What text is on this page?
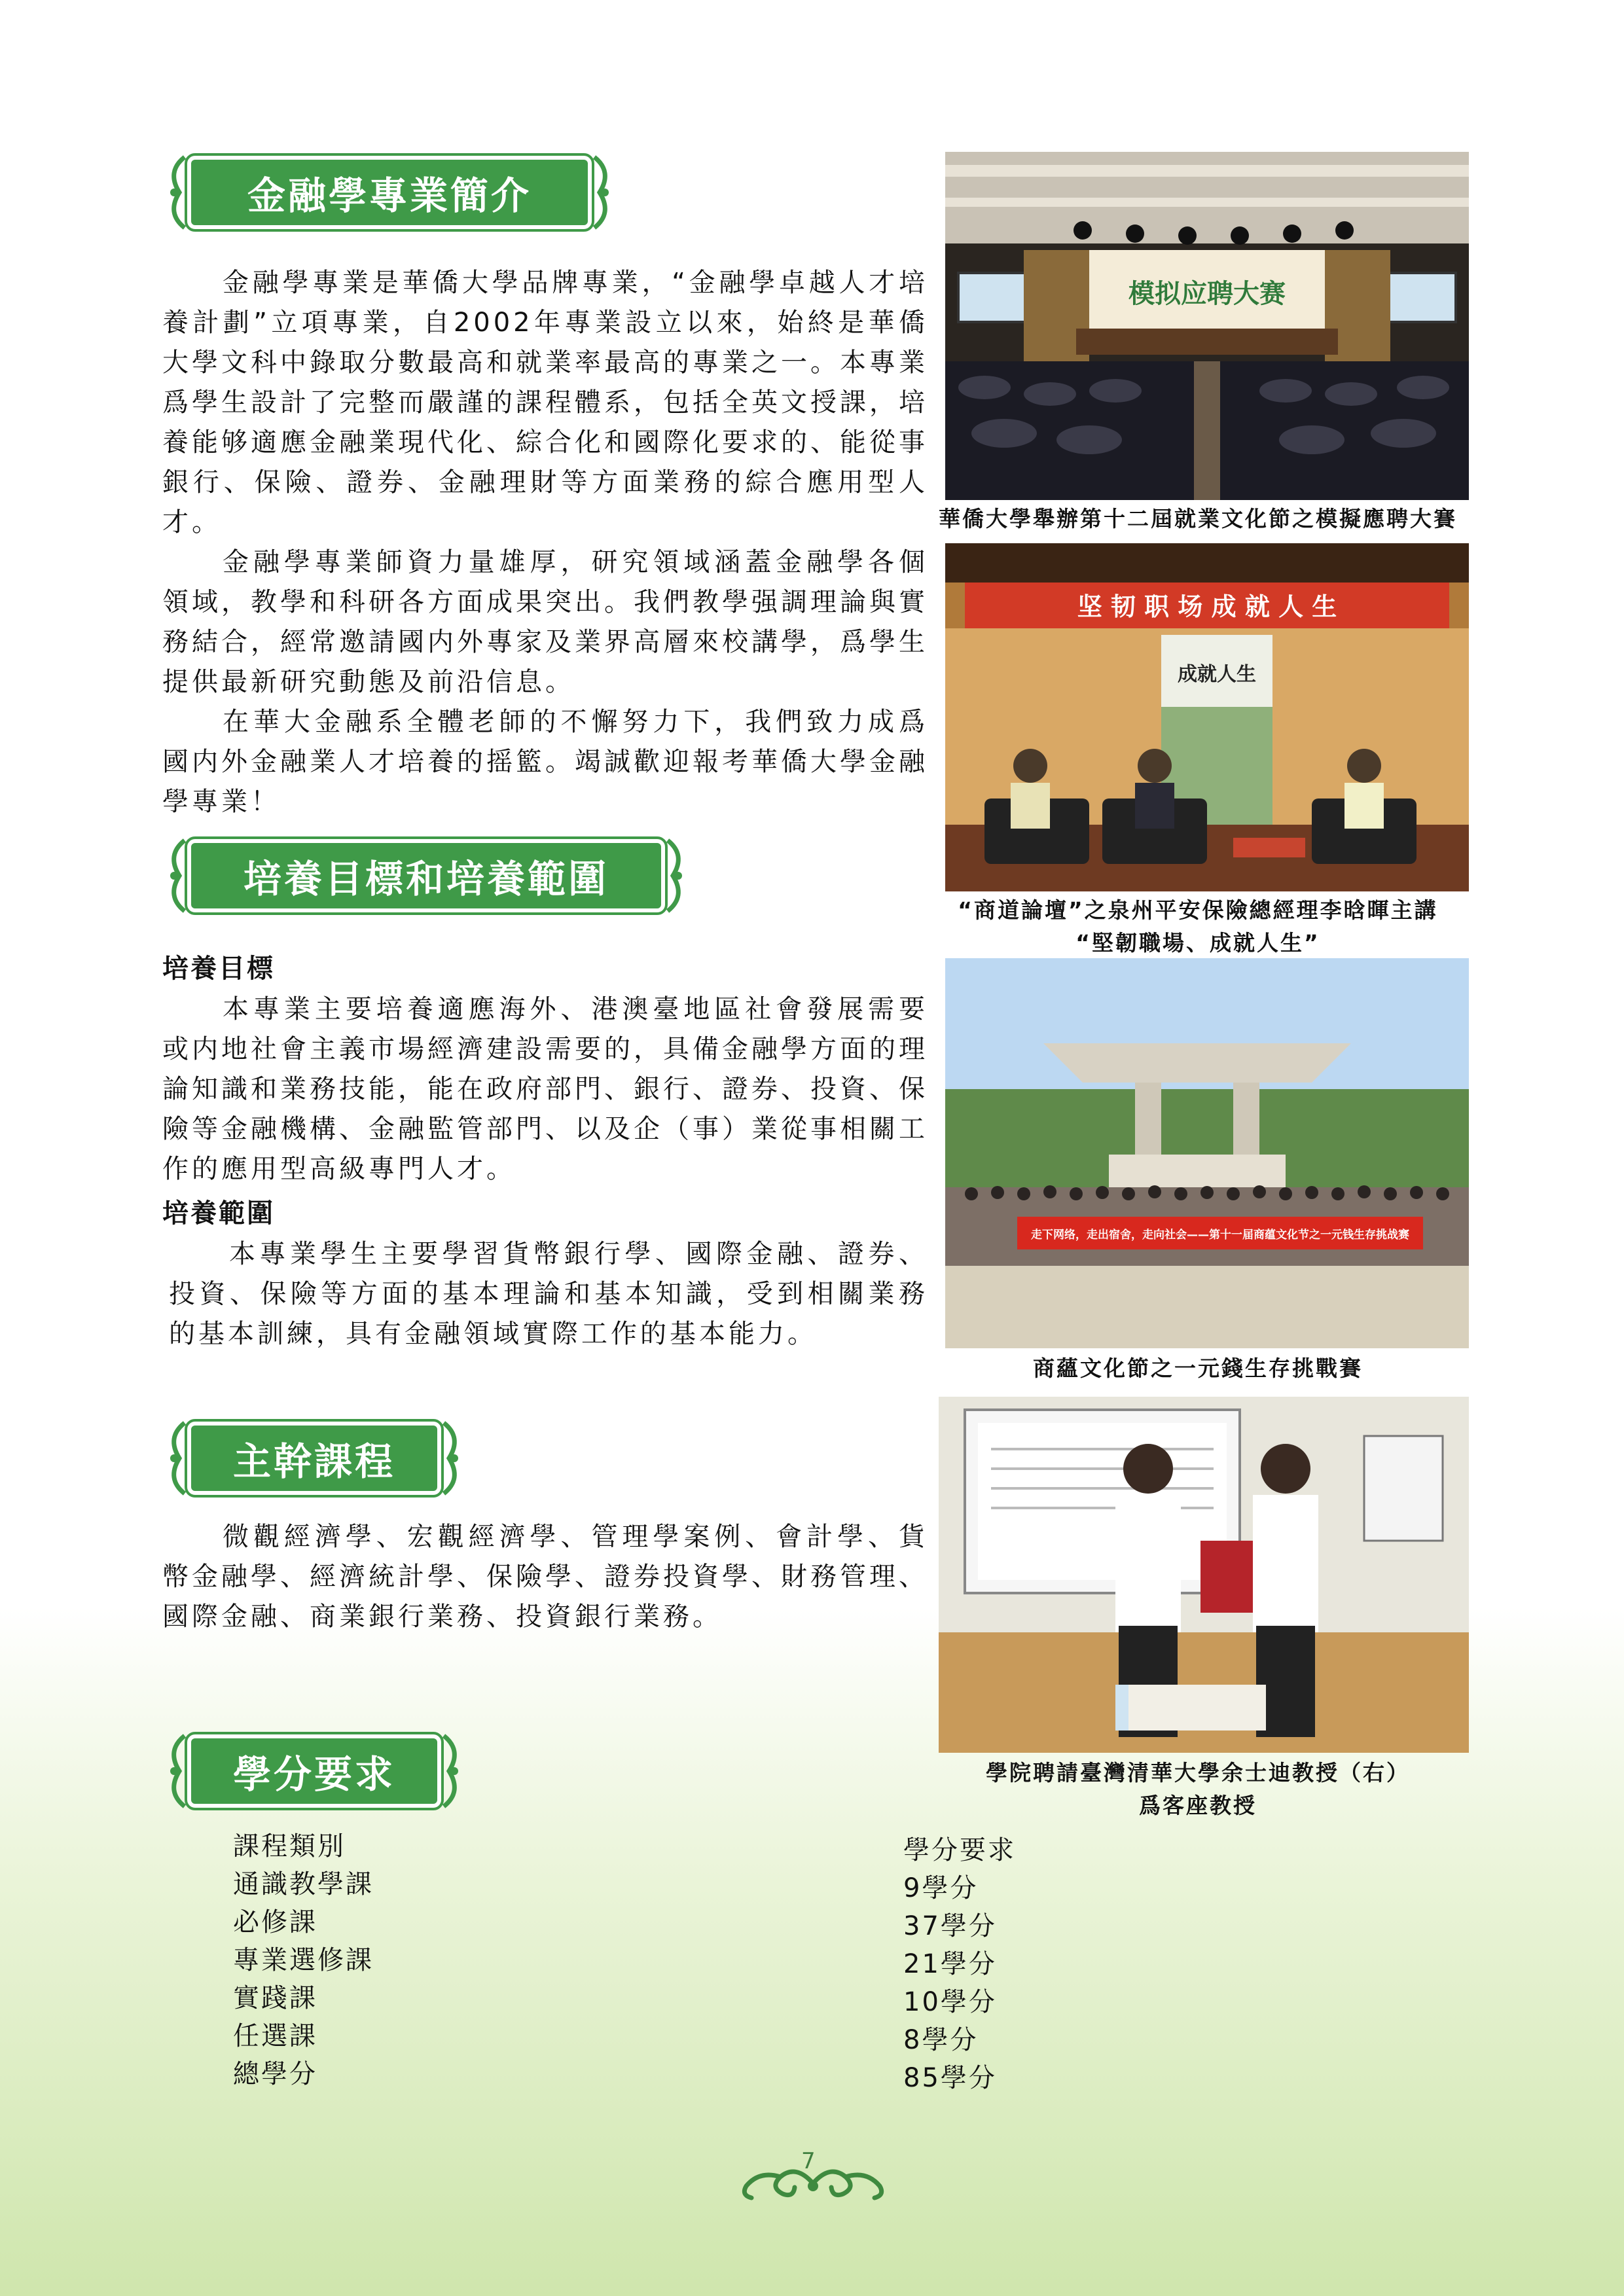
金融學專業簡介

金融學專業是華僑大學品牌專業，“金融學卓越人才培養計劃”立項專業，自2002年專業設立以來，始終是華僑大學文科中錄取分數最高和就業率最高的專業之一。本專業爲學生設計了完整而嚴謹的課程體系，包括全英文授課，培養能够適應金融業現代化、綜合化和國際化要求的、能從事銀行、保險、證券、金融理財等方面業務的綜合應用型人才。

金融學專業師資力量雄厚，研究領域涵蓋金融學各個領域，教學和科研各方面成果突出。我們教學强調理論與實務結合，經常邀請國内外專家及業界高層來校講學，爲學生提供最新研究動態及前沿信息。

在華大金融系全體老師的不懈努力下，我們致力成爲國内外金融業人才培養的摇籃。竭誠歡迎報考華僑大學金融學專業！

培養目標和培養範圍
培養目標

本專業主要培養適應海外、港澳臺地區社會發展需要或内地社會主義市場經濟建設需要的，具備金融學方面的理論知識和業務技能，能在政府部門、銀行、證券、投資、保險等金融機構、金融監管部門、以及企（事）業從事相關工作的應用型高級專門人才。

培養範圍

本專業學生主要學習貨幣銀行學、國際金融、證券、投資、保險等方面的基本理論和基本知識，受到相關業務的基本訓練，具有金融領域實際工作的基本能力。

主幹課程

微觀經濟學、宏觀經濟學、管理學案例、會計學、貨幣金融學、經濟統計學、保險學、證券投資學、財務管理、國際金融、商業銀行業務、投資銀行業務。

學分要求
課程類別
通識教學課
必修課
專業選修課
實踐課
任選課
總學分
學分要求
9學分
37學分
21學分
10學分
8學分
85學分
模拟应聘大赛

華僑大學舉辦第十二屆就業文化節之模擬應聘大賽

坚 韧 职 场 成 就 人 生
成就人生

“商道論壇”之泉州平安保險總經理李晗暉主講
“堅韌職場、成就人生”

走下网络，走出宿舍，走向社会——第十一届商蕴文化节之一元钱生存挑战赛

商蘊文化節之一元錢生存挑戰賽

學院聘請臺灣清華大學余士迪教授（右）
爲客座教授

7
